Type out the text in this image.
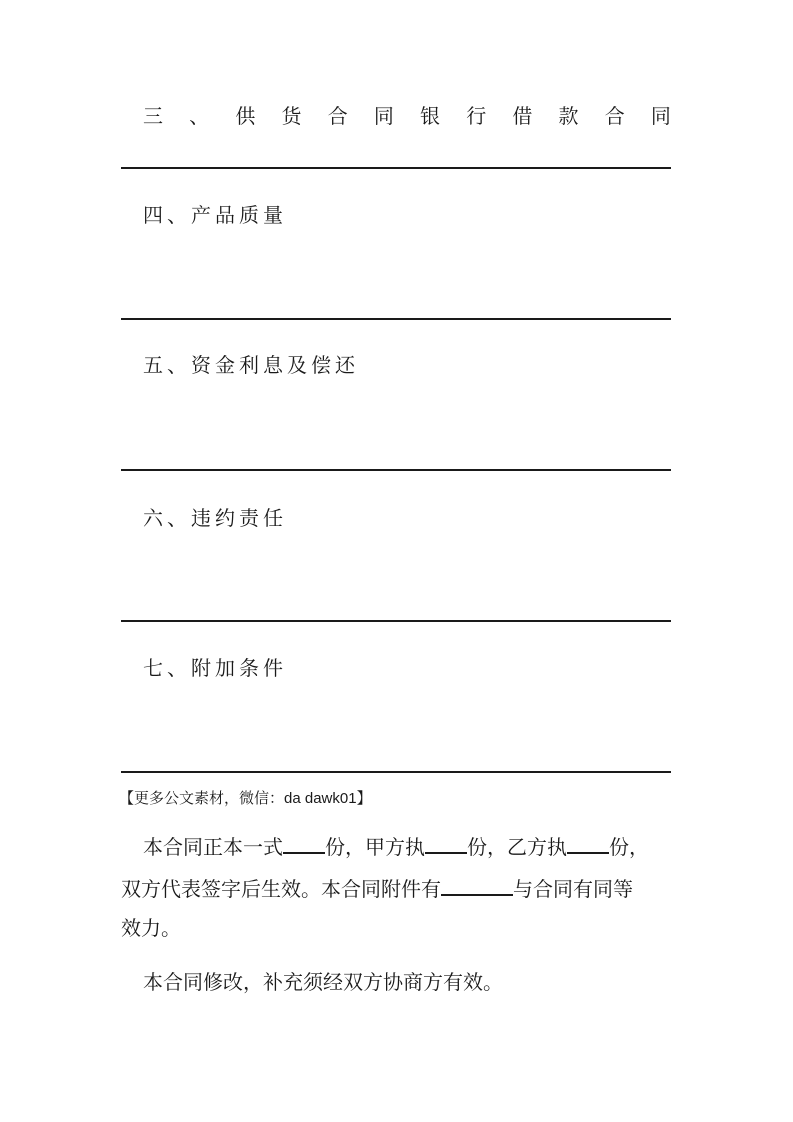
三 、 供 货 合 同 银 行 借 款 合 同
四、产品质量
五、资金利息及偿还
六、违约责任
七、附加条件
【更多公文素材，微信：da dawk01】
本合同正本一式 份，甲方执 份，乙方执 份，
双方代表签字后生效。本合同附件有	与合同有同等
效力。
本合同修改，补充须经双方协商方有效。
